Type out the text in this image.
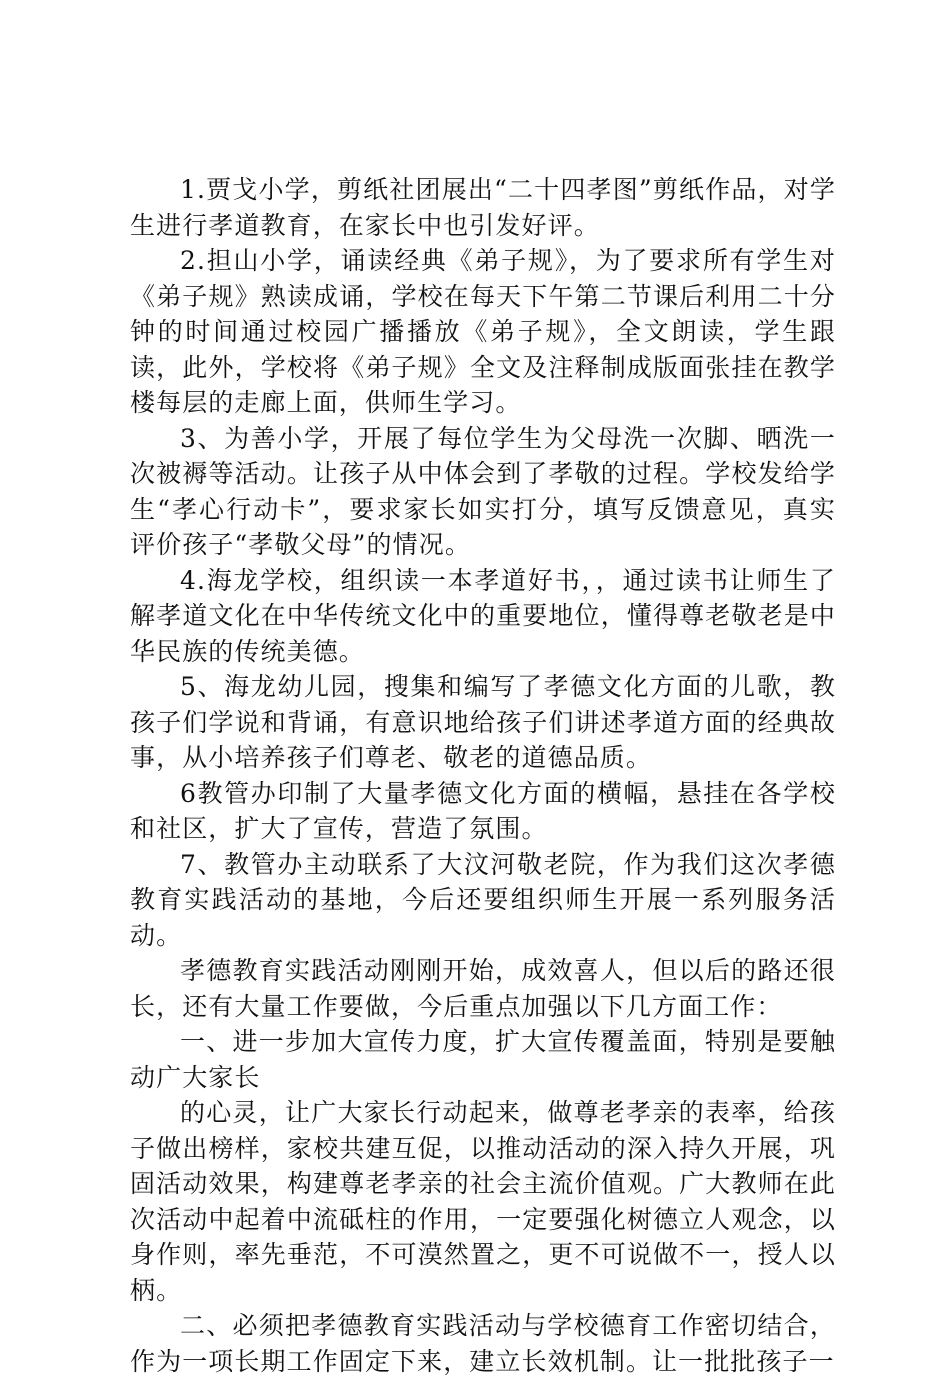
1.贾戈小学，剪纸社团展出“二十四孝图”剪纸作品，对学生进行孝道教育，在家长中也引发好评。

2.担山小学，诵读经典《弟子规》，为了要求所有学生对《弟子规》熟读成诵，学校在每天下午第二节课后利用二十分钟的时间通过校园广播播放《弟子规》，全文朗读，学生跟读，此外，学校将《弟子规》全文及注释制成版面张挂在教学楼每层的走廊上面，供师生学习。

3、为善小学，开展了每位学生为父母洗一次脚、晒洗一次被褥等活动。让孩子从中体会到了孝敬的过程。学校发给学生“孝心行动卡”，要求家长如实打分，填写反馈意见，真实评价孩子“孝敬父母”的情况。

4.海龙学校，组织读一本孝道好书，，通过读书让师生了解孝道文化在中华传统文化中的重要地位，懂得尊老敬老是中华民族的传统美德。

5、海龙幼儿园，搜集和编写了孝德文化方面的儿歌，教孩子们学说和背诵，有意识地给孩子们讲述孝道方面的经典故事，从小培养孩子们尊老、敬老的道德品质。

6教管办印制了大量孝德文化方面的横幅，悬挂在各学校和社区，扩大了宣传，营造了氛围。

7、教管办主动联系了大汶河敬老院，作为我们这次孝德教育实践活动的基地，今后还要组织师生开展一系列服务活动。

孝德教育实践活动刚刚开始，成效喜人，但以后的路还很长，还有大量工作要做，今后重点加强以下几方面工作：

一、进一步加大宣传力度，扩大宣传覆盖面，特别是要触动广大家长

的心灵，让广大家长行动起来，做尊老孝亲的表率，给孩子做出榜样，家校共建互促，以推动活动的深入持久开展，巩固活动效果，构建尊老孝亲的社会主流价值观。广大教师在此次活动中起着中流砥柱的作用，一定要强化树德立人观念，以身作则，率先垂范，不可漠然置之，更不可说做不一，授人以柄。

二、必须把孝德教育实践活动与学校德育工作密切结合，作为一项长期工作固定下来，建立长效机制。让一批批孩子一
